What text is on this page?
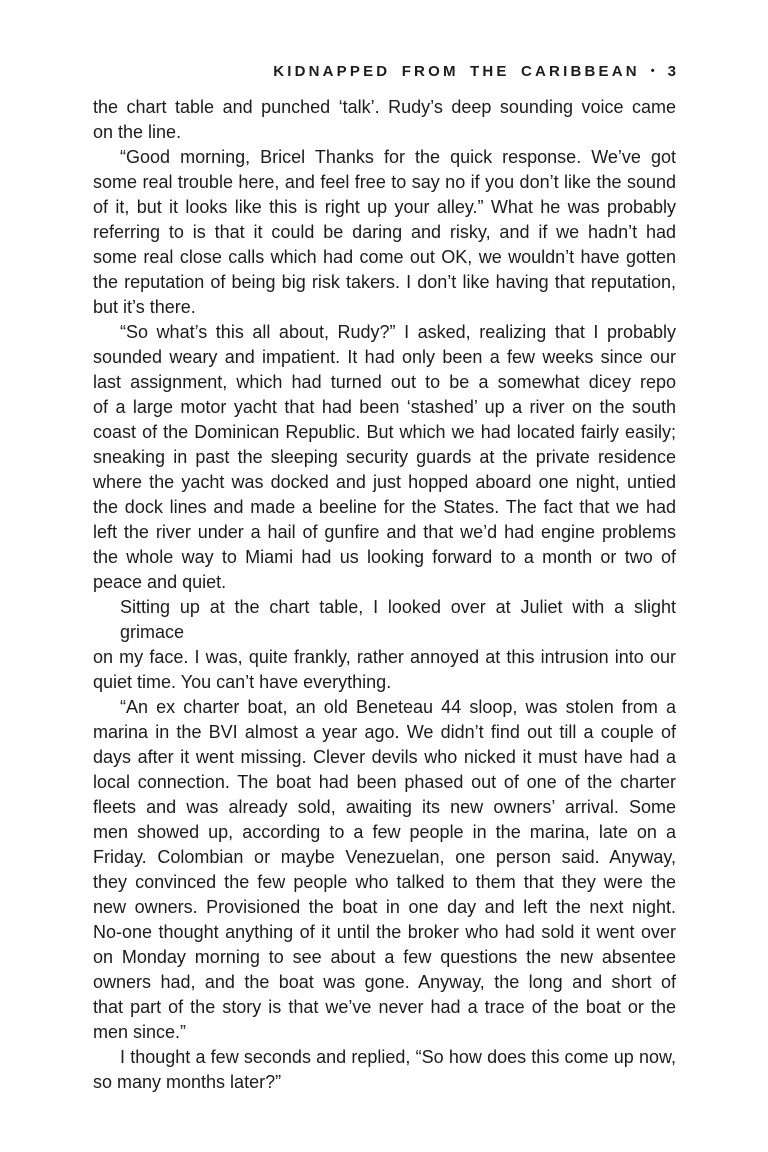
KIDNAPPED FROM THE CARIBBEAN • 3
the chart table and punched ‘talk’. Rudy’s deep sounding voice came
on the line.
“Good morning, Bricel Thanks for the quick response. We’ve got
some real trouble here, and feel free to say no if you don’t like the sound
of it, but it looks like this is right up your alley.” What he was probably
referring to is that it could be daring and risky, and if we hadn’t had
some real close calls which had come out OK, we wouldn’t have gotten
the reputation of being big risk takers. I don’t like having that reputation,
but it’s there.
“So what’s this all about, Rudy?” I asked, realizing that I probably
sounded weary and impatient. It had only been a few weeks since our
last assignment, which had turned out to be a somewhat dicey repo
of a large motor yacht that had been ‘stashed’ up a river on the south
coast of the Dominican Republic. But which we had located fairly easily;
sneaking in past the sleeping security guards at the private residence
where the yacht was docked and just hopped aboard one night, untied
the dock lines and made a beeline for the States. The fact that we had
left the river under a hail of gunfire and that we’d had engine problems
the whole way to Miami had us looking forward to a month or two of
peace and quiet.
Sitting up at the chart table, I looked over at Juliet with a slight grimace
on my face. I was, quite frankly, rather annoyed at this intrusion into our
quiet time. You can’t have everything.
“An ex charter boat, an old Beneteau 44 sloop, was stolen from a
marina in the BVI almost a year ago. We didn’t find out till a couple of
days after it went missing. Clever devils who nicked it must have had a
local connection. The boat had been phased out of one of the charter
fleets and was already sold, awaiting its new owners’ arrival. Some
men showed up, according to a few people in the marina, late on a
Friday. Colombian or maybe Venezuelan, one person said. Anyway,
they convinced the few people who talked to them that they were the
new owners. Provisioned the boat in one day and left the next night.
No-one thought anything of it until the broker who had sold it went over
on Monday morning to see about a few questions the new absentee
owners had, and the boat was gone. Anyway, the long and short of
that part of the story is that we’ve never had a trace of the boat or the
men since.”
I thought a few seconds and replied, “So how does this come up now,
so many months later?”
